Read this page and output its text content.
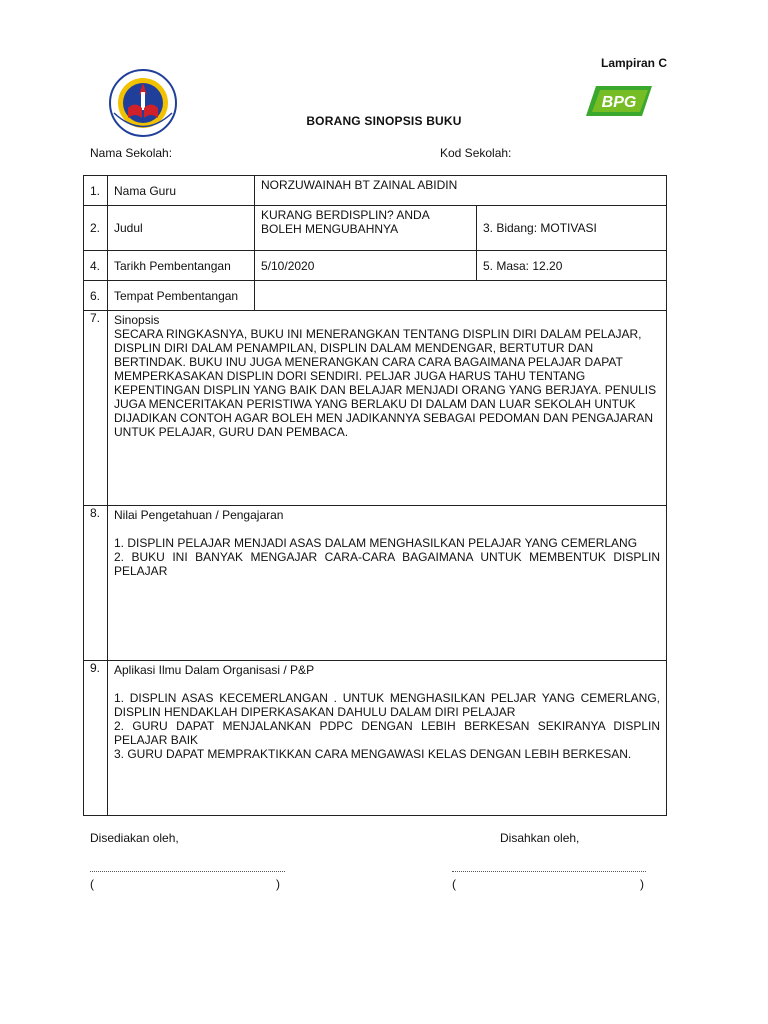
Lampiran C
BPG
BORANG SINOPSIS BUKU
Nama Sekolah:	Kod Sekolah:
1.	Nama Guru	NORZUWAINAH BT ZAINAL ABIDIN	
2.	Judul	KURANG BERDISPLIN? ANDA BOLEH MENGUBAHNYA	3. Bidang: MOTIVASI
4.	Tarikh Pembentangan	5/10/2020	5. Masa: 12.20
6.	Tempat Pembentangan		
7.	Sinopsis
SECARA RINGKASNYA, BUKU INI MENERANGKAN TENTANG DISPLIN DIRI DALAM PELAJAR, DISPLIN DIRI DALAM PENAMPILAN, DISPLIN DALAM MENDENGAR, BERTUTUR DAN BERTINDAK. BUKU INU JUGA MENERANGKAN CARA CARA BAGAIMANA PELAJAR DAPAT MEMPERKASAKAN DISPLIN DORI SENDIRI. PELJAR JUGA HARUS TAHU TENTANG KEPENTINGAN DISPLIN YANG BAIK DAN BELAJAR MENJADI ORANG YANG BERJAYA. PENULIS JUGA MENCERITAKAN PERISTIWA YANG BERLAKU DI DALAM DAN LUAR SEKOLAH UNTUK DIJADIKAN CONTOH AGAR BOLEH MEN JADIKANNYA SEBAGAI PEDOMAN DAN PENGAJARAN UNTUK PELAJAR, GURU DAN PEMBACA.		

8.	Nilai Pengetahuan / Pengajaran
1. DISPLIN PELAJAR MENJADI ASAS DALAM MENGHASILKAN PELAJAR YANG CEMERLANG
2. BUKU INI BANYAK MENGAJAR CARA-CARA BAGAIMANA UNTUK MEMBENTUK DISPLIN PELAJAR		

9.	Aplikasi Ilmu Dalam Organisasi / P&P
1. DISPLIN ASAS KECEMERLANGAN . UNTUK MENGHASILKAN PELJAR YANG CEMERLANG, DISPLIN HENDAKLAH DIPERKASAKAN DAHULU DALAM DIRI PELAJAR
2. GURU DAPAT MENJALANKAN PDPC DENGAN LEBIH BERKESAN SEKIRANYA DISPLIN PELAJAR BAIK
3. GURU DAPAT MEMPRAKTIKKAN CARA MENGAWASI KELAS DENGAN LEBIH BERKESAN.		
Disediakan oleh,	Disahkan oleh,
(	)	(	)
